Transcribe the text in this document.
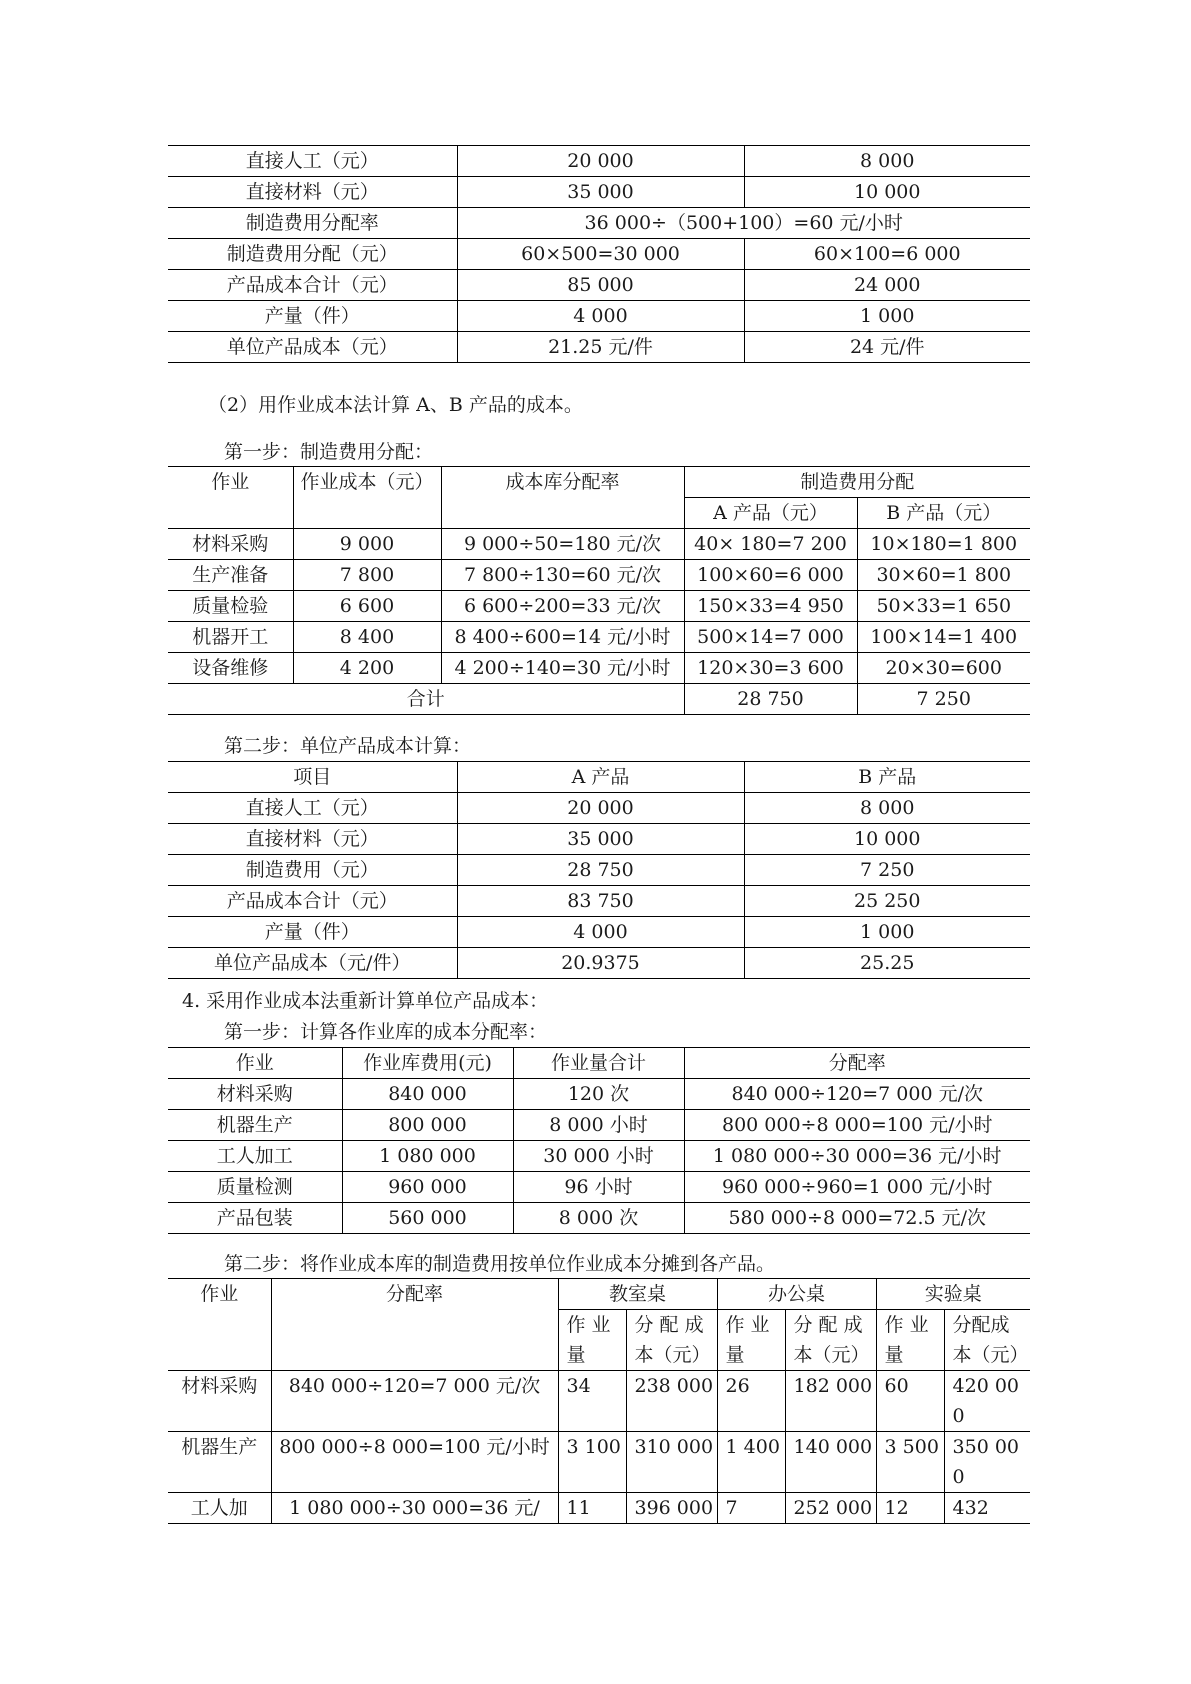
直接人工（元）	20 000	8 000
直接材料（元）	35 000	10 000
制造费用分配率	36 000÷（500+100）=60 元/小时	
制造费用分配（元）	60×500=30 000	60×100=6 000
产品成本合计（元）	85 000	24 000
产量（件）	4 000	1 000
单位产品成本（元）	21.25 元/件	24 元/件
（2）用作业成本法计算 A、B 产品的成本。
第一步：制造费用分配：
作业	作业成本（元）	成本库分配率	制造费用分配	
			A 产品（元）	B 产品（元）
材料采购	9 000	9 000÷50=180 元/次	40× 180=7 200	10×180=1 800
生产准备	7 800	7 800÷130=60 元/次	100×60=6 000	30×60=1 800
质量检验	6 600	6 600÷200=33 元/次	150×33=4 950	50×33=1 650
机器开工	8 400	8 400÷600=14 元/小时	500×14=7 000	100×14=1 400
设备维修	4 200	4 200÷140=30 元/小时	120×30=3 600	20×30=600
合计			28 750	7 250
第二步：单位产品成本计算：
项目	A 产品	B 产品
直接人工（元）	20 000	8 000
直接材料（元）	35 000	10 000
制造费用（元）	28 750	7 250
产品成本合计（元）	83 750	25 250
产量（件）	4 000	1 000
单位产品成本（元/件）	20.9375	25.25
4. 采用作业成本法重新计算单位产品成本：
第一步：计算各作业库的成本分配率：
作业	作业库费用(元)	作业量合计	分配率
材料采购	840 000	120 次	840 000÷120=7 000 元/次
机器生产	800 000	8 000 小时	800 000÷8 000=100 元/小时
工人加工	1 080 000	30 000 小时	1 080 000÷30 000=36 元/小时
质量检测	960 000	96 小时	960 000÷960=1 000 元/小时
产品包装	560 000	8 000 次	580 000÷8 000=72.5 元/次
第二步：将作业成本库的制造费用按单位作业成本分摊到各产品。
作业	分配率	教室桌		办公桌		实验桌	
		作 业 量	分 配 成 本（元）	作 业 量	分 配 成 本（元）	作 业 量	分配成本（元）
材料采购	840 000÷120=7 000 元/次	34	238 000	26	182 000	60	420 000
机器生产	800 000÷8 000=100 元/小时	3 100	310 000	1 400	140 000	3 500	350 000
工人加	1 080 000÷30 000=36 元/	11	396 000	7	252 000	12	432
